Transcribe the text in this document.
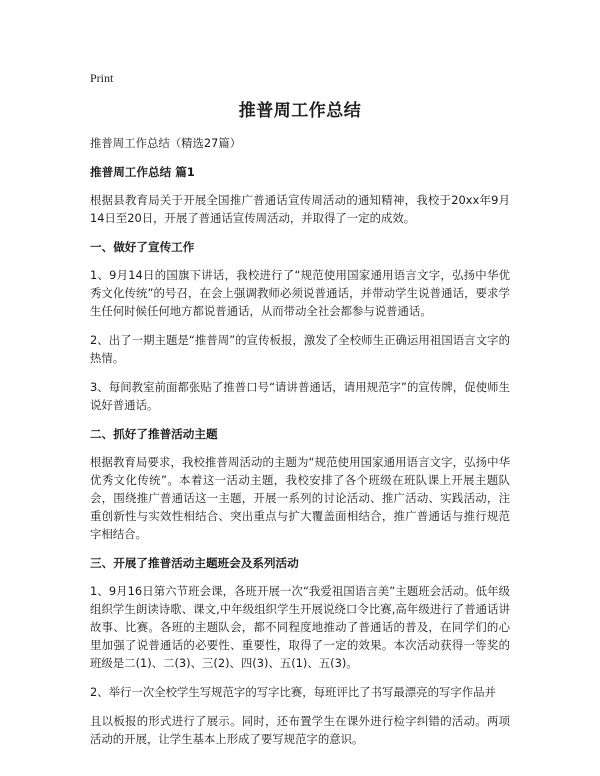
Print
推普周工作总结

推普周工作总结（精选27篇）

推普周工作总结 篇1

根据县教育局关于开展全国推广普通话宣传周活动的通知精神，我校于20xx年9月14日至20日，开展了普通话宣传周活动，并取得了一定的成效。

一、做好了宣传工作

1、9月14日的国旗下讲话，我校进行了“规范使用国家通用语言文字，弘扬中华优秀文化传统”的号召，在会上强调教师必须说普通话，并带动学生说普通话，要求学生任何时候任何地方都说普通话，从而带动全社会都参与说普通话。

2、出了一期主题是“推普周”的宣传板报，激发了全校师生正确运用祖国语言文字的热情。

3、每间教室前面都张贴了推普口号“请讲普通话，请用规范字”的宣传牌，促使师生说好普通话。

二、抓好了推普活动主题

根据教育局要求，我校推普周活动的主题为“规范使用国家通用语言文字，弘扬中华优秀文化传统”。本着这一活动主题，我校安排了各个班级在班队课上开展主题队会，围绕推广普通话这一主题，开展一系列的讨论活动、推广活动、实践活动，注重创新性与实效性相结合、突出重点与扩大覆盖面相结合，推广普通话与推行规范字相结合。

三、开展了推普活动主题班会及系列活动

1、9月16日第六节班会课，各班开展一次“我爱祖国语言美”主题班会活动。低年级组织学生朗读诗歌、课文,中年级组织学生开展说绕口令比赛,高年级进行了普通话讲故事、比赛。各班的主题队会，都不同程度地推动了普通话的普及，在同学们的心里加强了说普通话的必要性、重要性，取得了一定的效果。本次活动获得一等奖的班级是二(1)、二(3)、三(2)、四(3)、五(1)、五(3)。

2、举行一次全校学生写规范字的写字比赛，每班评比了书写最漂亮的写字作品并

且以板报的形式进行了展示。同时，还布置学生在课外进行检字纠错的活动。两项活动的开展，让学生基本上形成了要写规范字的意识。
